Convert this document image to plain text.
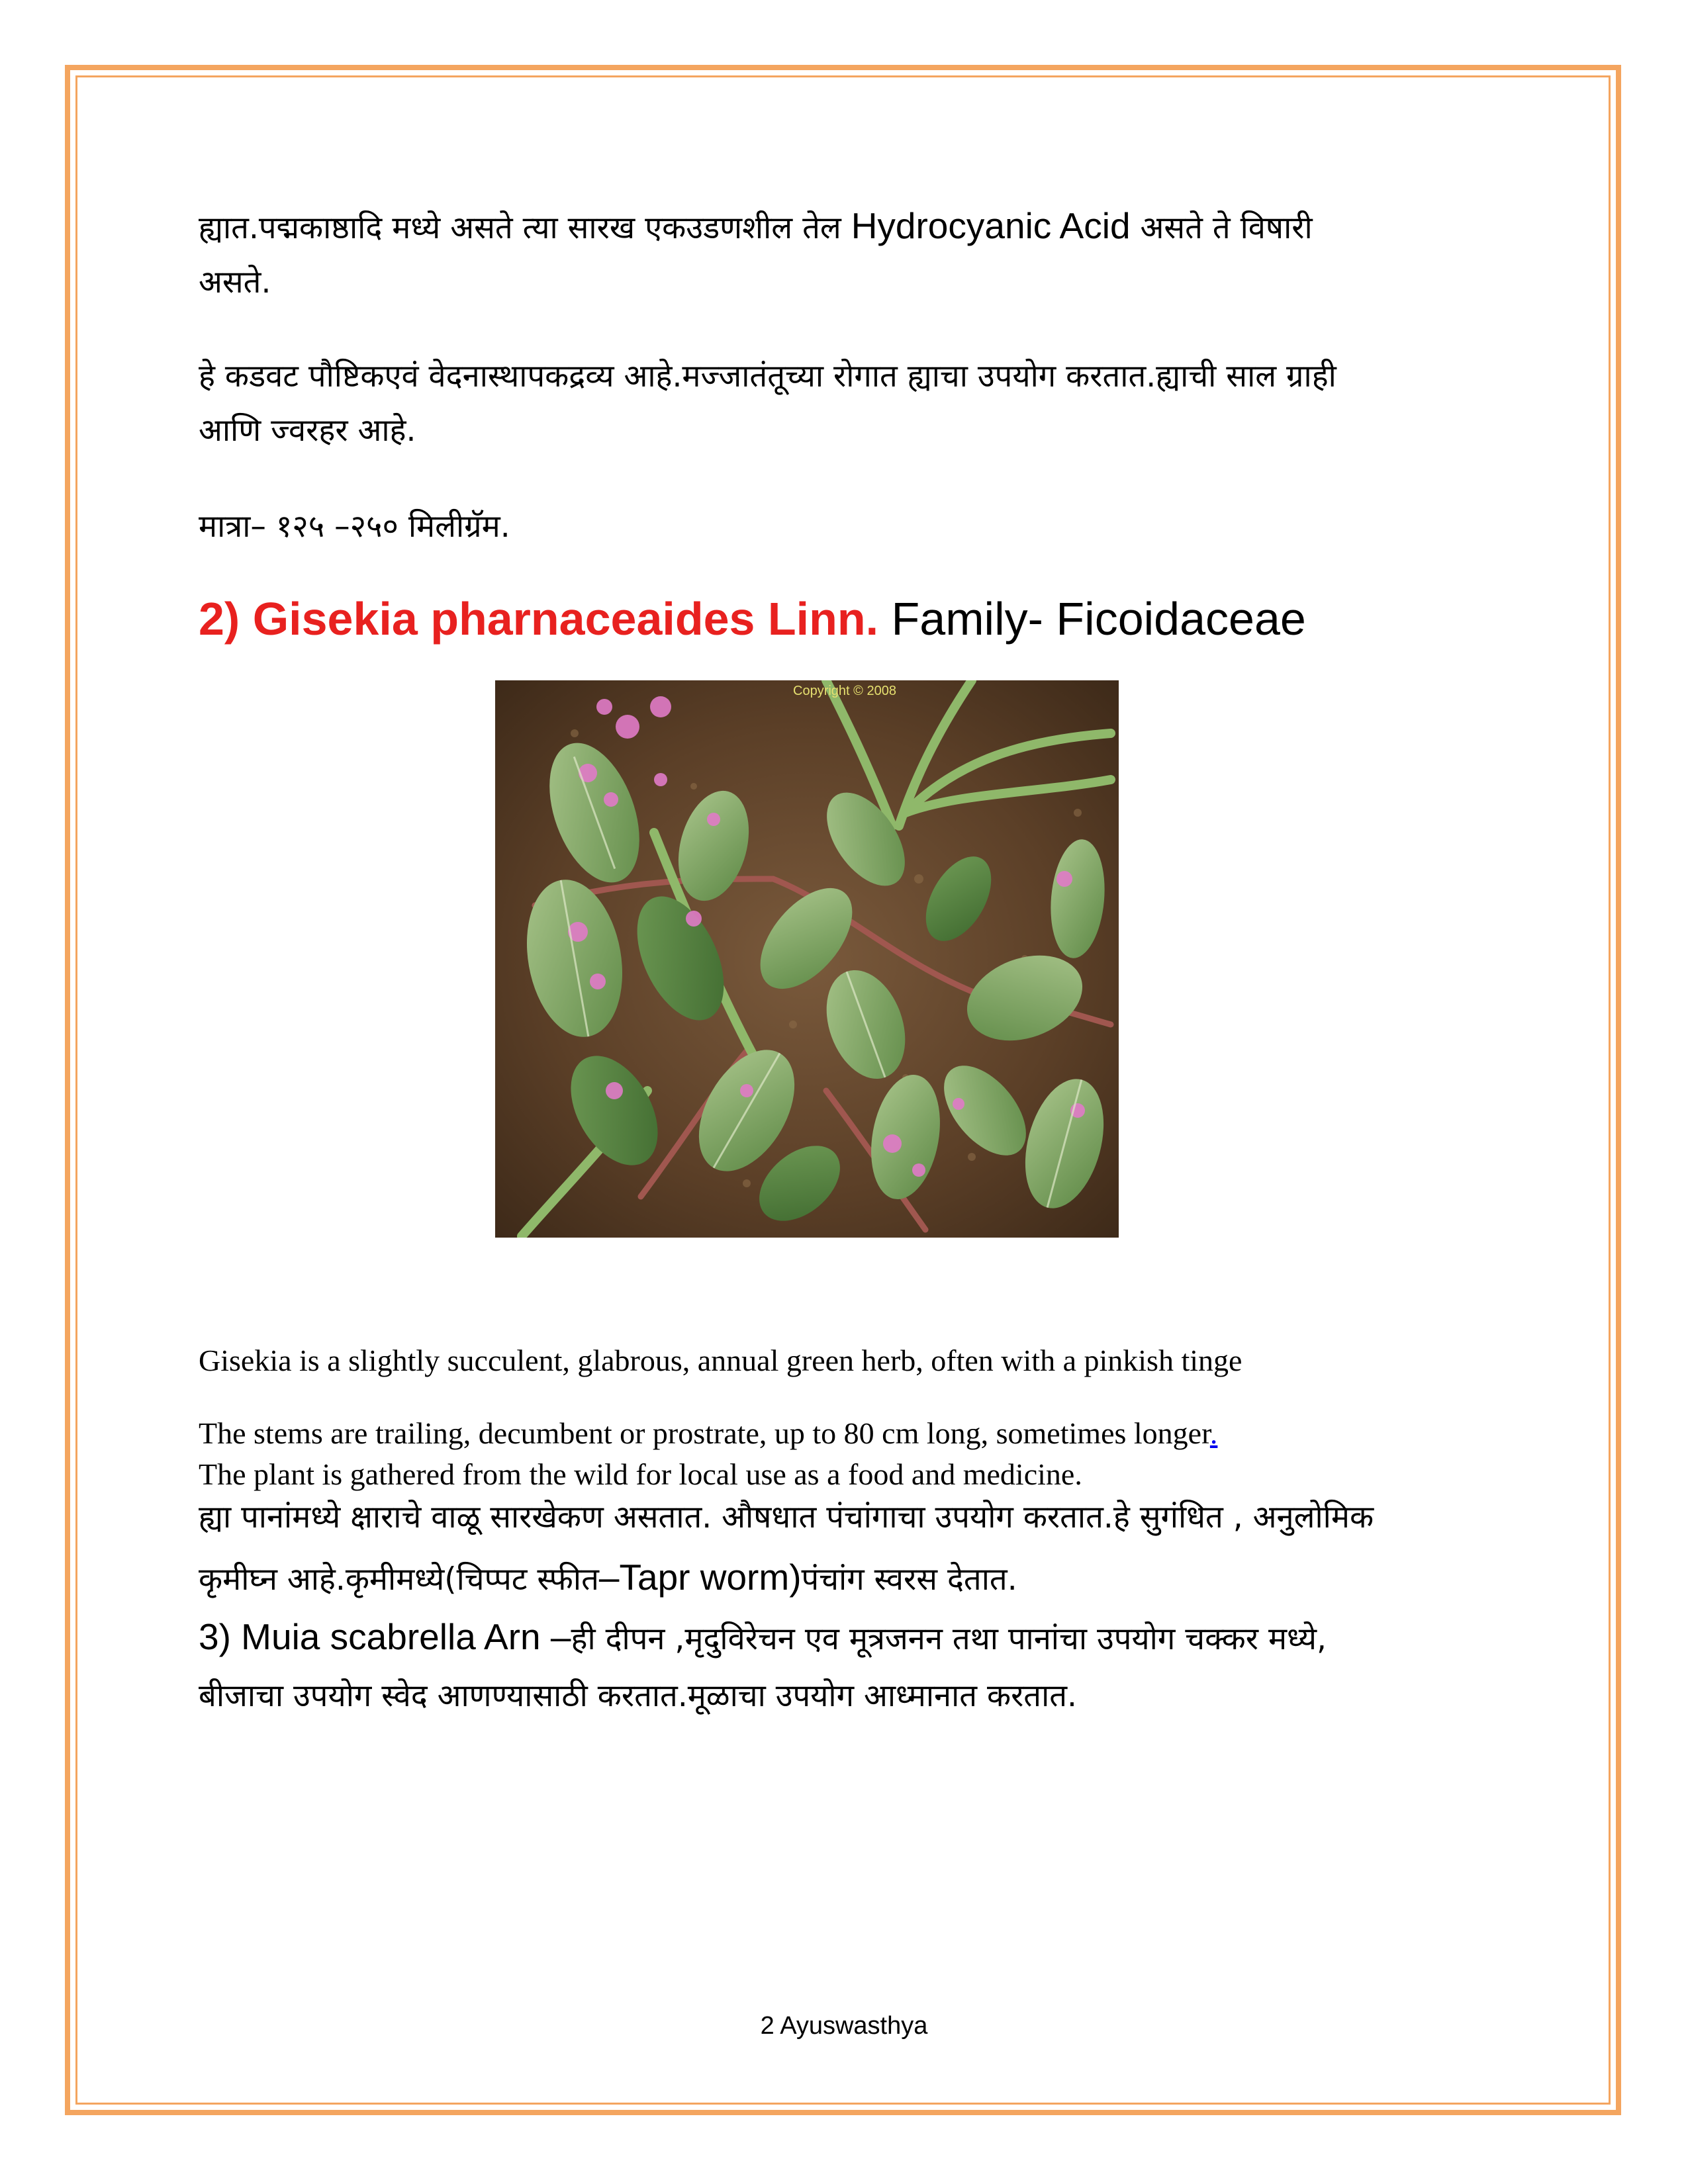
ह्यात.पद्मकाष्ठादि मध्ये असते त्या सारख एकउडणशील तेल Hydrocyanic Acid असते ते विषारी
असते.

हे कडवट पौष्टिकएवं वेदनास्थापकद्रव्य आहे.मज्जातंतूच्या रोगात ह्याचा उपयोग करतात.ह्याची साल ग्राही
आणि ज्वरहर आहे.

मात्रा– १२५ –२५० मिलीग्रॅम.

2) Gisekia pharnaceaides Linn. Family- Ficoidaceae

Gisekia is a slightly succulent, glabrous, annual green herb, often with a pinkish tinge

The stems are trailing, decumbent or prostrate, up to 80 cm long, sometimes longer.
The plant is gathered from the wild for local use as a food and medicine.

ह्या पानांमध्ये क्षाराचे वाळू सारखेकण असतात. औषधात पंचांगाचा उपयोग करतात.हे सुगंधित , अनुलोमिक
कृमीघ्न आहे.कृमीमध्ये(चिप्पट स्फीत–Tapr worm)पंचांग स्वरस देतात.

3) Muia scabrella Arn –ही दीपन ,मृदुविरेचन एव मूत्रजनन तथा पानांचा उपयोग चक्कर मध्ये,
बीजाचा उपयोग स्वेद आणण्यासाठी करतात.मूळाचा उपयोग आध्मानात करतात.
Copyright © 2008
2 Ayuswasthya
